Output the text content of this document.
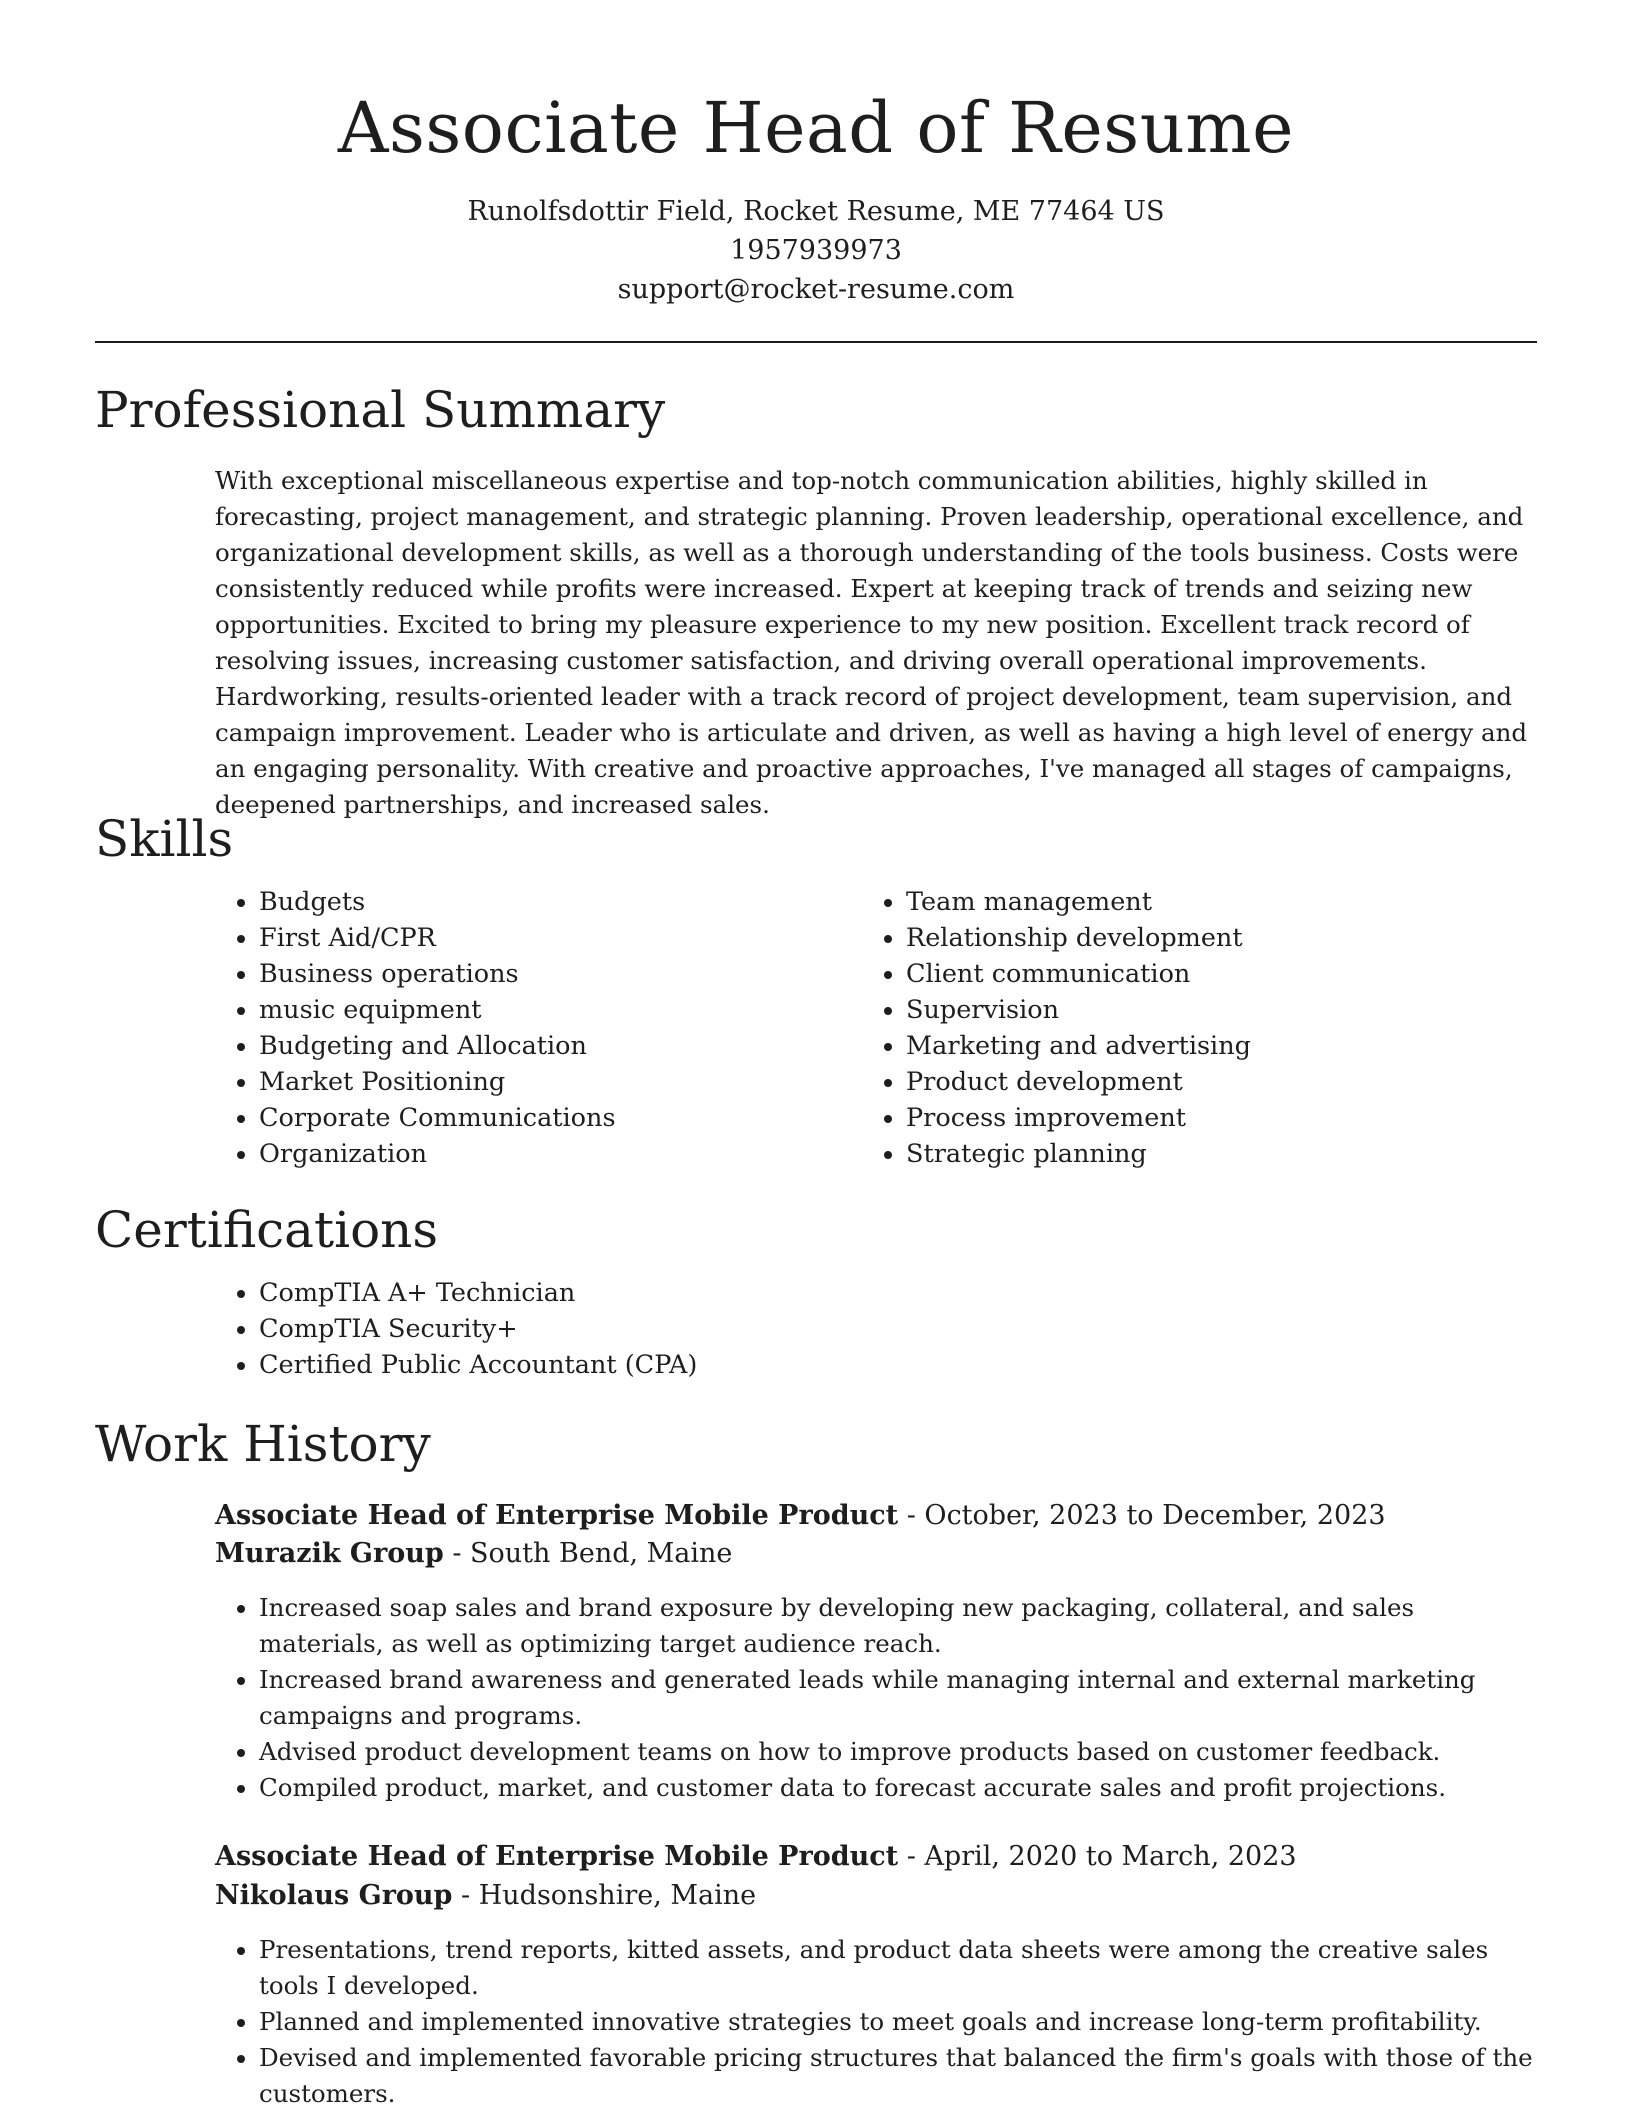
Associate Head of Resume
Runolfsdottir Field, Rocket Resume, ME 77464 US
1957939973
support@rocket-resume.com
Professional Summary

With exceptional miscellaneous expertise and top-notch communication abilities, highly skilled in forecasting, project management, and strategic planning. Proven leadership, operational excellence, and organizational development skills, as well as a thorough understanding of the tools business. Costs were consistently reduced while profits were increased. Expert at keeping track of trends and seizing new opportunities. Excited to bring my pleasure experience to my new position. Excellent track record of resolving issues, increasing customer satisfaction, and driving overall operational improvements. Hardworking, results-oriented leader with a track record of project development, team supervision, and campaign improvement. Leader who is articulate and driven, as well as having a high level of energy and an engaging personality. With creative and proactive approaches, I've managed all stages of campaigns, deepened partnerships, and increased sales.

Skills
• Budgets
• First Aid/CPR
• Business operations
• music equipment
• Budgeting and Allocation
• Market Positioning
• Corporate Communications
• Organization
• Team management
• Relationship development
• Client communication
• Supervision
• Marketing and advertising
• Product development
• Process improvement
• Strategic planning
Certifications
• CompTIA A+ Technician
• CompTIA Security+
• Certified Public Accountant (CPA)
Work History
Associate Head of Enterprise Mobile Product - October, 2023 to December, 2023
Murazik Group - South Bend, Maine
• Increased soap sales and brand exposure by developing new packaging, collateral, and sales materials, as well as optimizing target audience reach.
• Increased brand awareness and generated leads while managing internal and external marketing campaigns and programs.
• Advised product development teams on how to improve products based on customer feedback.
• Compiled product, market, and customer data to forecast accurate sales and profit projections.
Associate Head of Enterprise Mobile Product - April, 2020 to March, 2023
Nikolaus Group - Hudsonshire, Maine
• Presentations, trend reports, kitted assets, and product data sheets were among the creative sales tools I developed.
• Planned and implemented innovative strategies to meet goals and increase long-term profitability.
• Devised and implemented favorable pricing structures that balanced the firm's goals with those of the customers.
